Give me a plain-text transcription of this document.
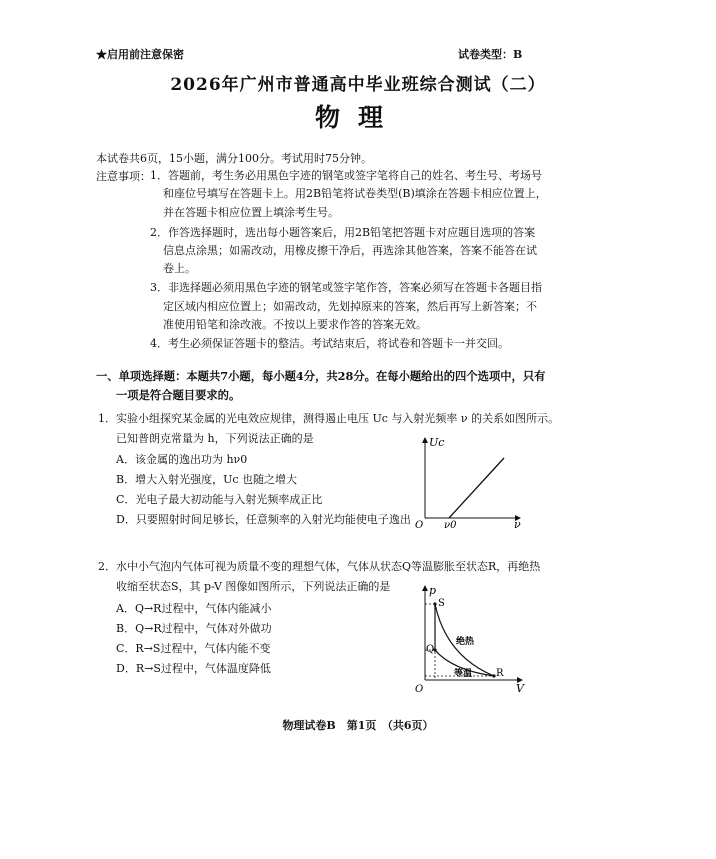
★启用前注意保密	试卷类型：B
2026年广州市普通高中毕业班综合测试（二）
物理
本试卷共6页，15小题，满分100分。考试用时75分钟。
注意事项： 1．答题前，考生务必用黑色字迹的钢笔或签字笔将自己的姓名、考生号、考场号
和座位号填写在答题卡上。用2B铅笔将试卷类型(B)填涂在答题卡相应位置上，
并在答题卡相应位置上填涂考生号。
2．作答选择题时，选出每小题答案后，用2B铅笔把答题卡对应题目选项的答案
信息点涂黑；如需改动，用橡皮擦干净后，再选涂其他答案，答案不能答在试
卷上。
3．非选择题必须用黑色字迹的钢笔或签字笔作答，答案必须写在答题卡各题目指
定区域内相应位置上；如需改动，先划掉原来的答案，然后再写上新答案；不
准使用铅笔和涂改液。不按以上要求作答的答案无效。
4．考生必须保证答题卡的整洁。考试结束后，将试卷和答题卡一并交回。
一、单项选择题：本题共7小题，每小题4分，共28分。在每小题给出的四个选项中，只有
一项是符合题目要求的。
1．实验小组探究某金属的光电效应规律，测得遏止电压 Uc 与入射光频率 ν 的关系如图所示。
已知普朗克常量为 h，下列说法正确的是
A．该金属的逸出功为 hν0
B．增大入射光强度，Uc 也随之增大
C．光电子最大初动能与入射光频率成正比
D．只要照射时间足够长，任意频率的入射光均能使电子逸出
Uc
ν
O ν0
2．水中小气泡内气体可视为质量不变的理想气体，气体从状态Q等温膨胀至状态R，再绝热
收缩至状态S，其 p-V 图像如图所示，下列说法正确的是
A．Q→R过程中，气体内能减小
B．Q→R过程中，气体对外做功
C．R→S过程中，气体内能不变
D．R→S过程中，气体温度降低
p
V
O
S
Q
R
绝热
等温
物理试卷B　第1页　（共6页）
